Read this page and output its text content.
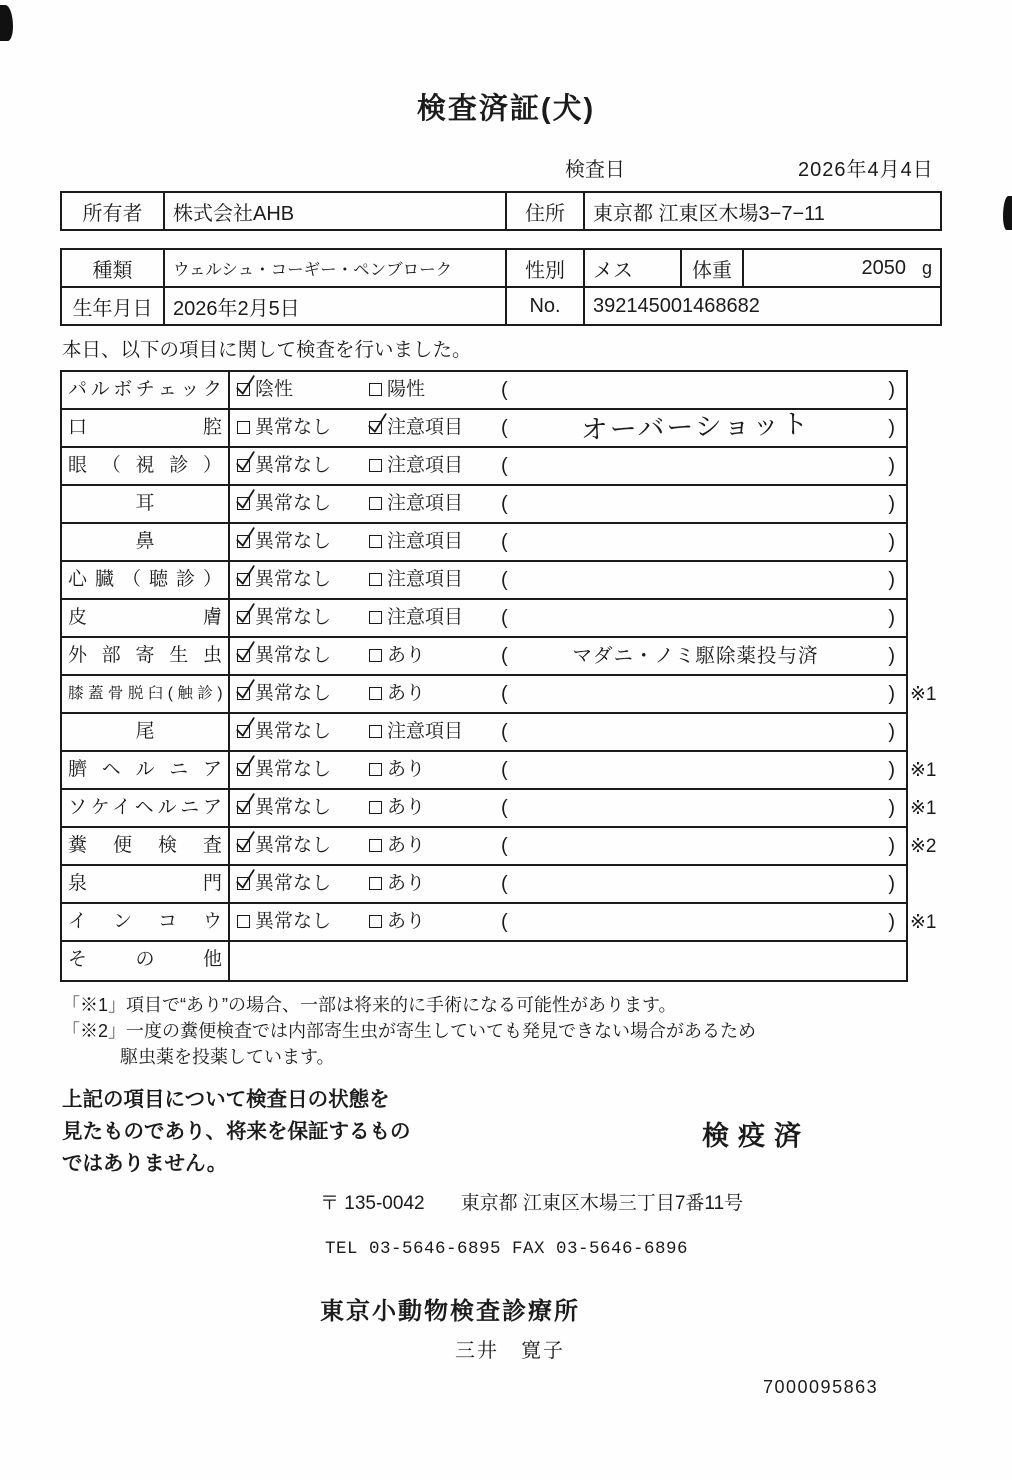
検査済証(犬)
検査日	2026年4月4日
所有者	株式会社AHB	住所	東京都 江東区木場3−7−11
種類	ウェルシュ・コーギー・ペンブローク	性別	メス	体重	2050 g
生年月日	2026年2月5日	No.	392145001468682		

本日、以下の項目に関して検査を行いました。

パルボチェック	陰性	陽性	(	)
口腔	異常なし	注意項目 (	オーバーショット	)
眼（視診）	異常なし	注意項目 (	)
耳	異常なし	注意項目 (	)
鼻	異常なし	注意項目 (	)
心臓（聴診）	異常なし	注意項目 (	)
皮膚	異常なし	注意項目 (	)
外部寄生虫	異常なし	あり	(	マダニ・ノミ駆除薬投与済	)
膝蓋骨脱臼(触診)	異常なし	あり	(	) ※1
尾	異常なし	注意項目 (	)
臍ヘルニア	異常なし	あり	(	) ※1
ソケイヘルニア	異常なし	あり	(	) ※1
糞便検査	異常なし	あり	(	) ※2
泉門	異常なし	あり	(	)
インコウ	異常なし	あり	(	) ※1
その他
「※1」項目で“あり”の場合、一部は将来的に手術になる可能性があります。
「※2」一度の糞便検査では内部寄生虫が寄生していても発見できない場合があるため
駆虫薬を投薬しています。
上記の項目について検査日の状態を
見たものであり、将来を保証するもの
ではありません。
検疫済
〒 135-0042 東京都 江東区木場三丁目7番11号
TEL 03-5646-6895 FAX 03-5646-6896
東京小動物検査診療所
三井　寛子
7000095863
